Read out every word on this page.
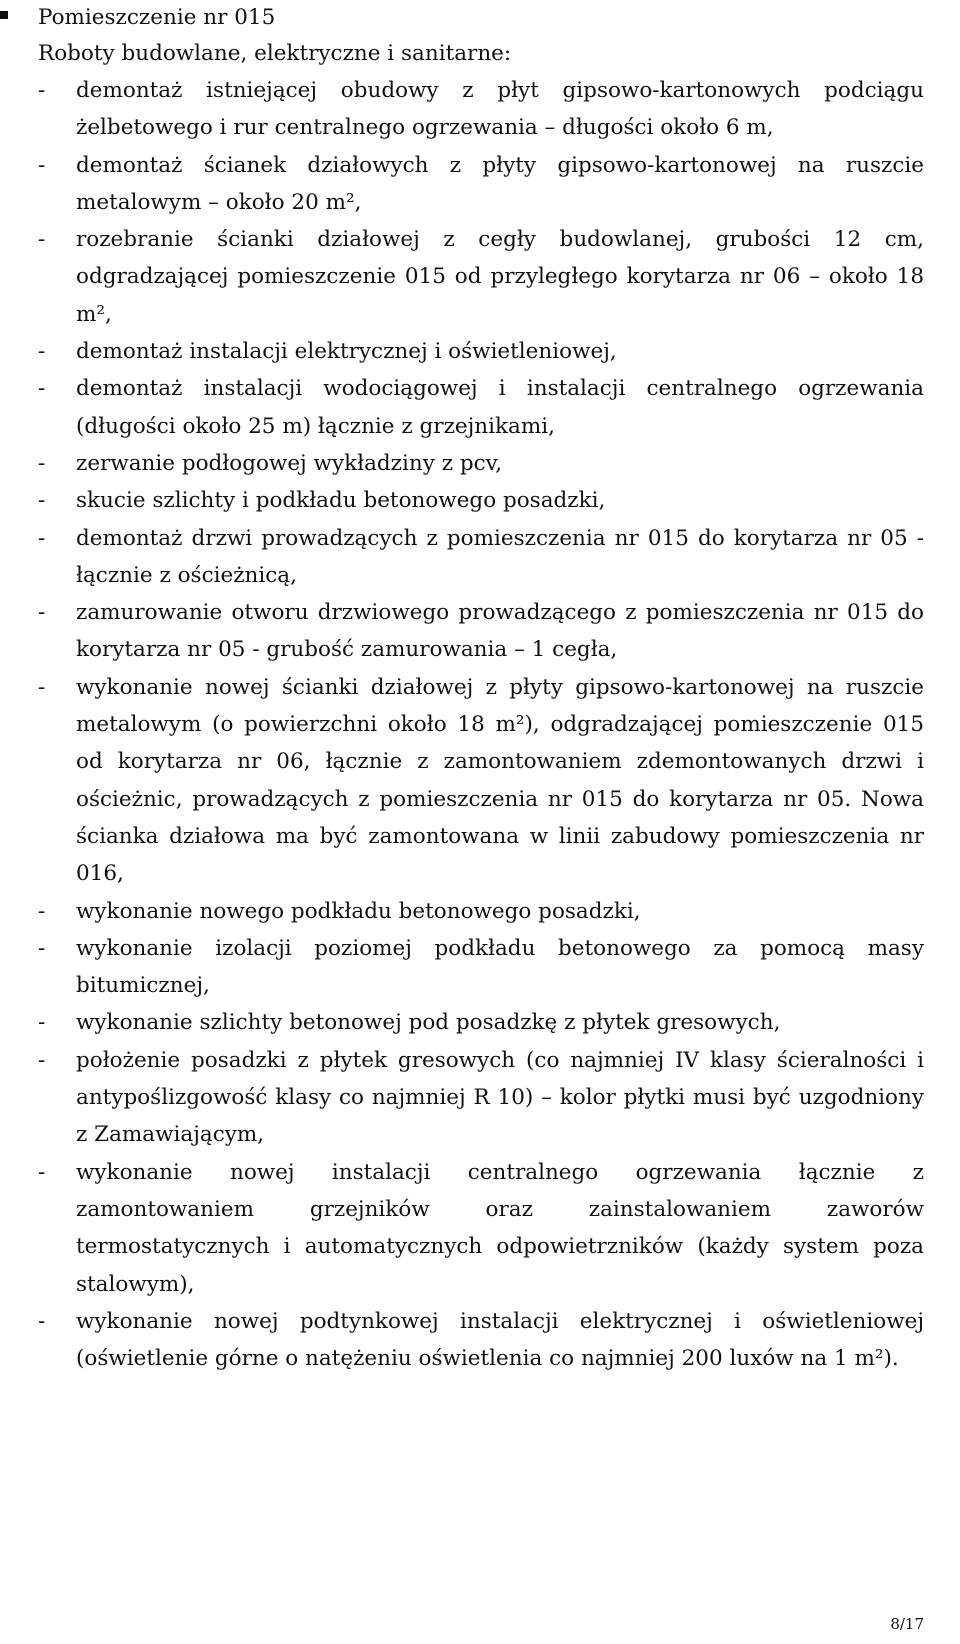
Pomieszczenie nr 015

Roboty budowlane, elektryczne i sanitarne:

- demontaż istniejącej obudowy z płyt gipsowo-kartonowych podciągu żelbetowego i rur centralnego ogrzewania – długości około 6 m,
- demontaż ścianek działowych z płyty gipsowo-kartonowej na ruszcie metalowym – około 20 m²,
- rozebranie ścianki działowej z cegły budowlanej, grubości 12 cm, odgradzającej pomieszczenie 015 od przyległego korytarza nr 06 – około 18 m²,
- demontaż instalacji elektrycznej i oświetleniowej,
- demontaż instalacji wodociągowej i instalacji centralnego ogrzewania (długości około 25 m) łącznie z grzejnikami,
- zerwanie podłogowej wykładziny z pcv,
- skucie szlichty i podkładu betonowego posadzki,
- demontaż drzwi prowadzących z pomieszczenia nr 015 do korytarza nr 05 - łącznie z ościeżnicą,
- zamurowanie otworu drzwiowego prowadzącego z pomieszczenia nr 015 do korytarza nr 05 - grubość zamurowania – 1 cegła,
- wykonanie nowej ścianki działowej z płyty gipsowo-kartonowej na ruszcie metalowym (o powierzchni około 18 m²), odgradzającej pomieszczenie 015 od korytarza nr 06, łącznie z zamontowaniem zdemontowanych drzwi i ościeżnic, prowadzących z pomieszczenia nr 015 do korytarza nr 05. Nowa ścianka działowa ma być zamontowana w linii zabudowy pomieszczenia nr 016,
- wykonanie nowego podkładu betonowego posadzki,
- wykonanie izolacji poziomej podkładu betonowego za pomocą masy bitumicznej,
- wykonanie szlichty betonowej pod posadzkę z płytek gresowych,
- położenie posadzki z płytek gresowych (co najmniej IV klasy ścieralności i antypoślizgowość klasy co najmniej R 10) – kolor płytki musi być uzgodniony z Zamawiającym,
- wykonanie nowej instalacji centralnego ogrzewania łącznie z zamontowaniem grzejników oraz zainstalowaniem zaworów termostatycznych i automatycznych odpowietrzników (każdy system poza stalowym),
- wykonanie nowej podtynkowej instalacji elektrycznej i oświetleniowej (oświetlenie górne o natężeniu oświetlenia co najmniej 200 luxów na 1 m²).
8/17
